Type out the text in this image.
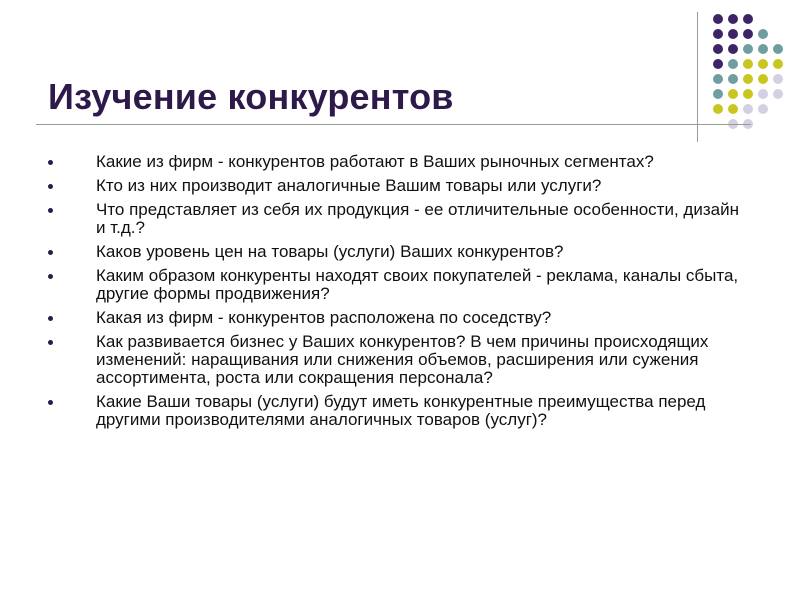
Изучение конкурентов
Какие из фирм - конкурентов работают в Ваших рыночных сегментах?
Кто из них производит аналогичные Вашим товары или услуги?
Что представляет из себя их продукция - ее отличительные особенности, дизайн и т.д.?
Каков уровень цен на товары (услуги) Ваших конкурентов?
Каким образом конкуренты находят своих покупателей - реклама, каналы сбыта, другие формы продвижения?
Какая из фирм - конкурентов расположена по соседству?
Как развивается бизнес у Ваших конкурентов? В чем причины происходящих изменений: наращивания или снижения объемов, расширения или сужения ассортимента, роста или сокращения персонала?
Какие Ваши товары (услуги) будут иметь конкурентные преимущества перед другими производителями аналогичных товаров (услуг)?
